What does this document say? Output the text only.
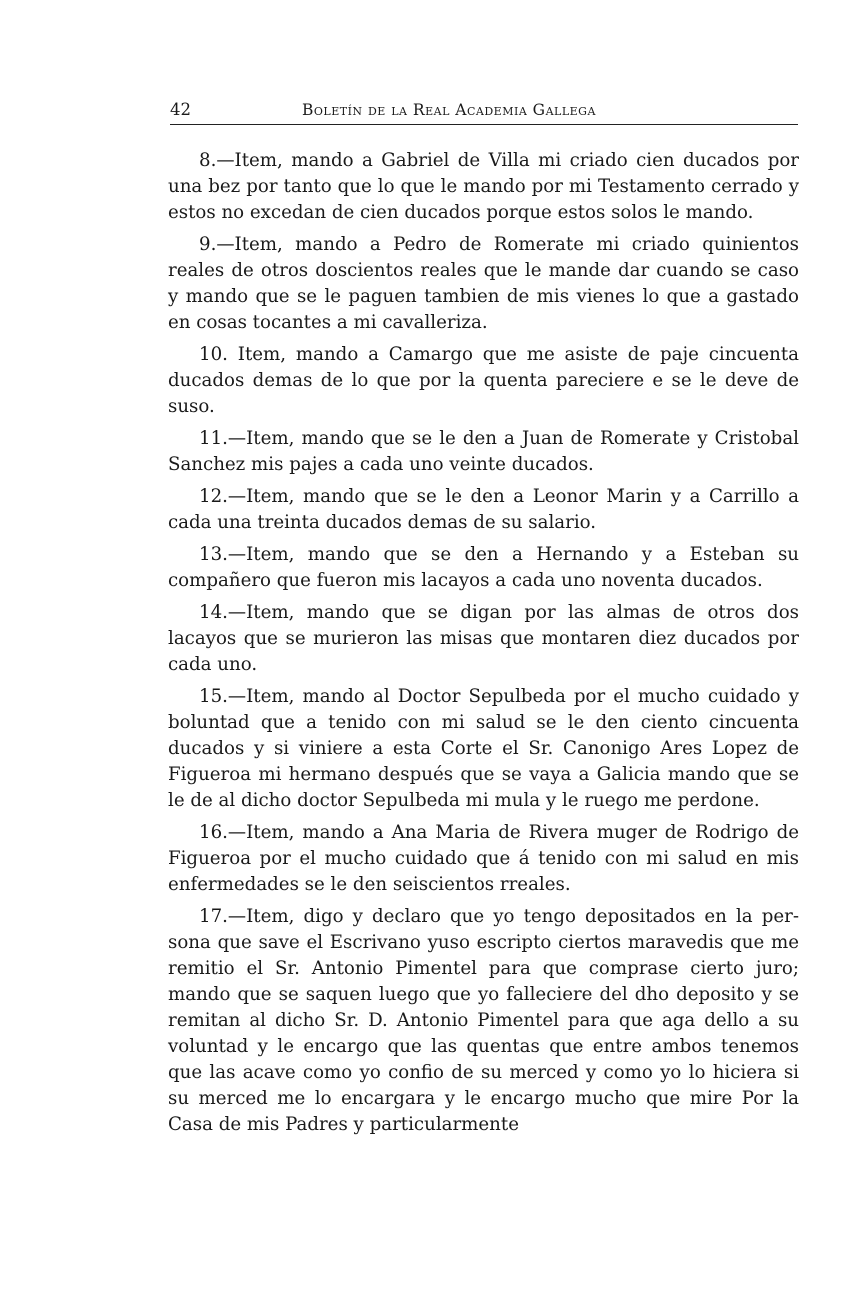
42	Boletín de la Real Academia Gallega

8.—Item, mando a Gabriel de Villa mi criado cien ducados por una bez por tanto que lo que le mando por mi Testamento cerrado y estos no excedan de cien ducados porque estos solos le mando.

9.—Item, mando a Pedro de Romerate mi criado quinientos reales de otros doscientos reales que le mande dar cuando se caso y mando que se le paguen tambien de mis vienes lo que a gastado en cosas tocantes a mi cavalleriza.

10. Item, mando a Camargo que me asiste de paje cincuenta ducados demas de lo que por la quenta pareciere e se le deve de suso.

11.—Item, mando que se le den a Juan de Romerate y Cristobal Sanchez mis pajes a cada uno veinte ducados.

12.—Item, mando que se le den a Leonor Marin y a Carrillo a cada una treinta ducados demas de su salario.

13.—Item, mando que se den a Hernando y a Esteban su compañero que fueron mis lacayos a cada uno noventa ducados.

14.—Item, mando que se digan por las almas de otros dos lacayos que se murieron las misas que montaren diez ducados por cada uno.

15.—Item, mando al Doctor Sepulbeda por el mucho cuidado y boluntad que a tenido con mi salud se le den ciento cincuenta ducados y si viniere a esta Corte el Sr. Canonigo Ares Lopez de Figueroa mi hermano después que se vaya a Galicia mando que se le de al dicho doctor Sepulbeda mi mula y le ruego me perdone.

16.—Item, mando a Ana Maria de Rivera muger de Rodrigo de Figueroa por el mucho cuidado que á tenido con mi salud en mis enfermedades se le den seiscientos rreales.

17.—Item, digo y declaro que yo tengo depositados en la persona que save el Escrivano yuso escripto ciertos maravedis que me remitio el Sr. Antonio Pimentel para que comprase cierto juro; mando que se saquen luego que yo falleciere del dho deposito y se remitan al dicho Sr. D. Antonio Pimentel para que aga dello a su voluntad y le encargo que las quentas que entre ambos tenemos que las acave como yo confio de su merced y como yo lo hiciera si su merced me lo encargara y le encargo mucho que mire Por la Casa de mis Padres y particularmente
